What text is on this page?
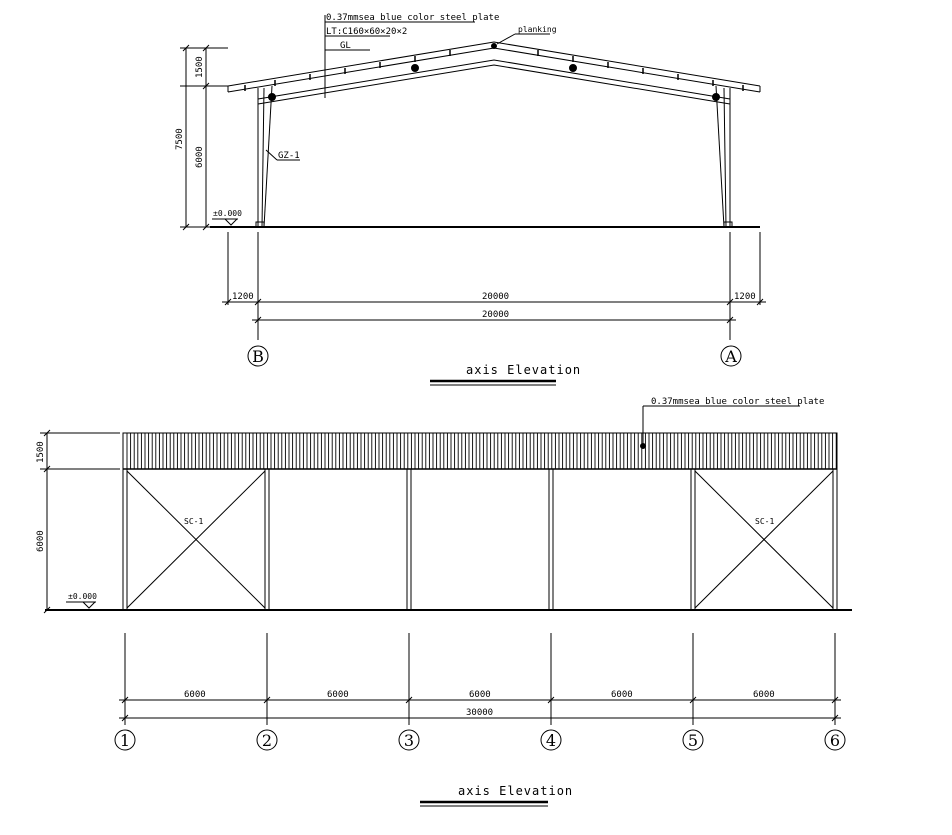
0.37mmsea blue color steel plate
LT:C160×60×20×2
GL
planking
GZ-1
±0.000
7500
1500
6000
1200	20000	1200
20000
B	A
axis Elevation
SC-1	SC-1
0.37mmsea blue color steel plate
±0.000
1500
6000
6000	6000	6000	6000	6000
30000
1	2	3	4	5	6
axis Elevation
